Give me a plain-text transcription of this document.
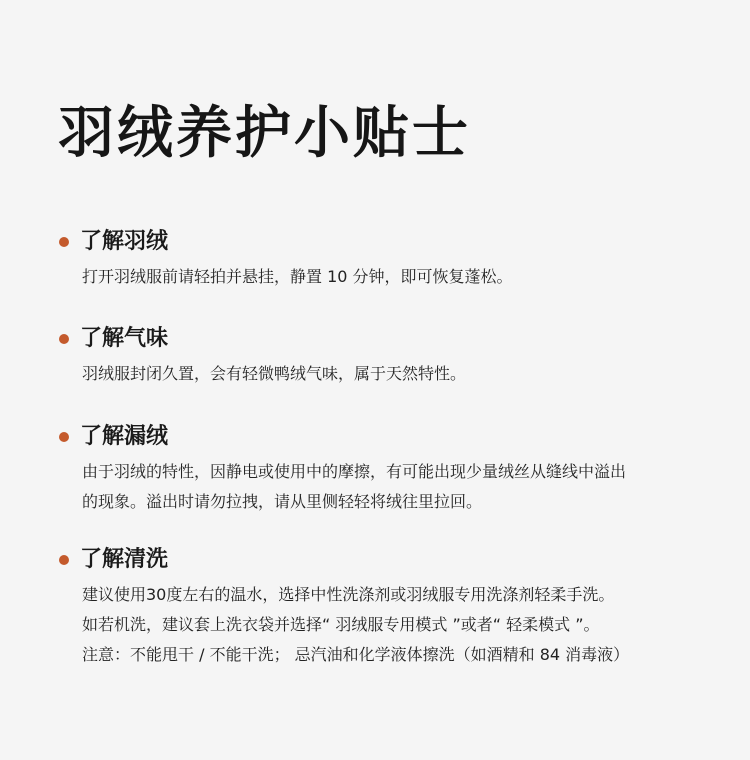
羽绒养护小贴士
了解羽绒
打开羽绒服前请轻拍并悬挂，静置 10 分钟，即可恢复蓬松。
了解气味
羽绒服封闭久置，会有轻微鸭绒气味，属于天然特性。
了解漏绒
由于羽绒的特性，因静电或使用中的摩擦，有可能出现少量绒丝从缝线中溢出
的现象。溢出时请勿拉拽，请从里侧轻轻将绒往里拉回。
了解清洗
建议使用30度左右的温水，选择中性洗涤剂或羽绒服专用洗涤剂轻柔手洗。
如若机洗，建议套上洗衣袋并选择“ 羽绒服专用模式 ”或者“ 轻柔模式 ”。
注意：不能甩干 / 不能干洗； 忌汽油和化学液体擦洗（如酒精和 84 消毒液）
